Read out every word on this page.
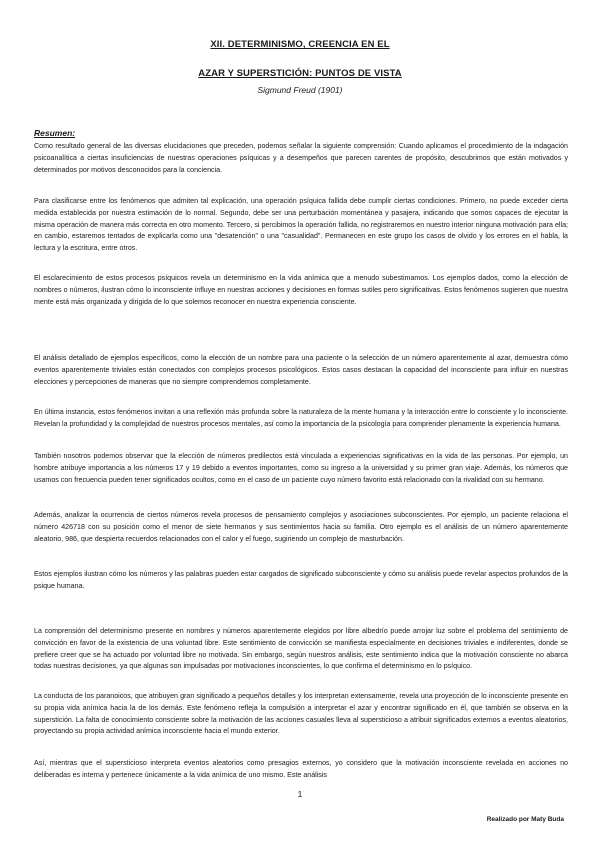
XII. DETERMINISMO, CREENCIA EN EL
AZAR Y SUPERSTICIÓN: PUNTOS DE VISTA
Sigmund Freud (1901)
Resumen:

Como resultado general de las diversas elucidaciones que preceden, podemos señalar la siguiente comprensión: Cuando aplicamos el procedimiento de la indagación psicoanalítica a ciertas insuficiencias de nuestras operaciones psíquicas y a desempeños que parecen carentes de propósito, descubrimos que están motivados y determinados por motivos desconocidos para la conciencia.

Para clasificarse entre los fenómenos que admiten tal explicación, una operación psíquica fallida debe cumplir ciertas condiciones. Primero, no puede exceder cierta medida establecida por nuestra estimación de lo normal. Segundo, debe ser una perturbación momentánea y pasajera, indicando que somos capaces de ejecutar la misma operación de manera más correcta en otro momento. Tercero, si percibimos la operación fallida, no registraremos en nuestro interior ninguna motivación para ella; en cambio, estaremos tentados de explicarla como una "desatención" o una "casualidad". Permanecen en este grupo los casos de olvido y los errores en el habla, la lectura y la escritura, entre otros.

El esclarecimiento de estos procesos psíquicos revela un determinismo en la vida anímica que a menudo subestimamos. Los ejemplos dados, como la elección de nombres o números, ilustran cómo lo inconsciente influye en nuestras acciones y decisiones en formas sutiles pero significativas. Estos fenómenos sugieren que nuestra mente está más organizada y dirigida de lo que solemos reconocer en nuestra experiencia consciente.

El análisis detallado de ejemplos específicos, como la elección de un nombre para una paciente o la selección de un número aparentemente al azar, demuestra cómo eventos aparentemente triviales están conectados con complejos procesos psicológicos. Estos casos destacan la capacidad del inconsciente para influir en nuestras elecciones y percepciones de maneras que no siempre comprendemos completamente.

En última instancia, estos fenómenos invitan a una reflexión más profunda sobre la naturaleza de la mente humana y la interacción entre lo consciente y lo inconsciente. Revelan la profundidad y la complejidad de nuestros procesos mentales, así como la importancia de la psicología para comprender plenamente la experiencia humana.

También nosotros podemos observar que la elección de números predilectos está vinculada a experiencias significativas en la vida de las personas. Por ejemplo, un hombre atribuye importancia a los números 17 y 19 debido a eventos importantes, como su ingreso a la universidad y su primer gran viaje. Además, los números que usamos con frecuencia pueden tener significados ocultos, como en el caso de un paciente cuyo número favorito está relacionado con la rivalidad con su hermano.

Además, analizar la ocurrencia de ciertos números revela procesos de pensamiento complejos y asociaciones subconscientes. Por ejemplo, un paciente relaciona el número 426718 con su posición como el menor de siete hermanos y sus sentimientos hacia su familia. Otro ejemplo es el análisis de un número aparentemente aleatorio, 986, que despierta recuerdos relacionados con el calor y el fuego, sugiriendo un complejo de masturbación.

Estos ejemplos ilustran cómo los números y las palabras pueden estar cargados de significado subconsciente y cómo su análisis puede revelar aspectos profundos de la psique humana.

La comprensión del determinismo presente en nombres y números aparentemente elegidos por libre albedrío puede arrojar luz sobre el problema del sentimiento de convicción en favor de la existencia de una voluntad libre. Este sentimiento de convicción se manifiesta especialmente en decisiones triviales e indiferentes, donde se prefiere creer que se ha actuado por voluntad libre no motivada. Sin embargo, según nuestros análisis, este sentimiento indica que la motivación consciente no abarca todas nuestras decisiones, ya que algunas son impulsadas por motivaciones inconscientes, lo que confirma el determinismo en lo psíquico.

La conducta de los paranoicos, que atribuyen gran significado a pequeños detalles y los interpretan extensamente, revela una proyección de lo inconsciente presente en su propia vida anímica hacia la de los demás. Este fenómeno refleja la compulsión a interpretar el azar y encontrar significado en él, que también se observa en la superstición. La falta de conocimiento consciente sobre la motivación de las acciones casuales lleva al supersticioso a atribuir significados externos a eventos aleatorios, proyectando su propia actividad anímica inconsciente hacia el mundo exterior.

Así, mientras que el supersticioso interpreta eventos aleatorios como presagios externos, yo considero que la motivación inconsciente revelada en acciones no deliberadas es interna y pertenece únicamente a la vida anímica de uno mismo. Este análisis

1
Realizado por Maty Buda
